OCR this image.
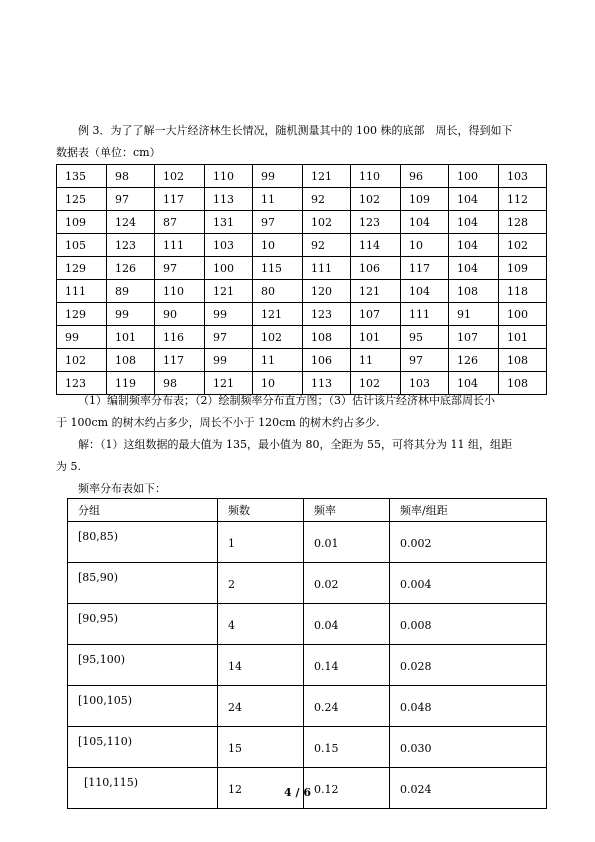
例 3．为了了解一大片经济林生长情况，随机测量其中的 100 株的底部　周长，得到如下
数据表（单位：cm）
135	98	102	110	99	121	110	96	100	103
125	97	117	113	11	92	102	109	104	112
109	124	87	131	97	102	123	104	104	128
105	123	111	103	10	92	114	10	104	102
129	126	97	100	115	111	106	117	104	109
111	89	110	121	80	120	121	104	108	118
129	99	90	99	121	123	107	111	91	100
99	101	116	97	102	108	101	95	107	101
102	108	117	99	11	106	11	97	126	108
123	119	98	121	10	113	102	103	104	108
（1）编制频率分布表；（2）绘制频率分布直方图；（3）估计该片经济林中底部周长小
于 100cm 的树木约占多少，周长不小于 120cm 的树木约占多少.
解：（1）这组数据的最大值为 135，最小值为 80，全距为 55，可将其分为 11 组，组距
为 5.
频率分布表如下：
分组	频数	频率	频率/组距

[80,85)	1	0.01	0.002

[85,90)	2	0.02	0.004

[90,95)	4	0.04	0.008

[95,100)	14	0.14	0.028

[100,105)	24	0.24	0.048

[105,110)	15	0.15	0.030

[110,115)	12	0.12	0.024
4 / 6
